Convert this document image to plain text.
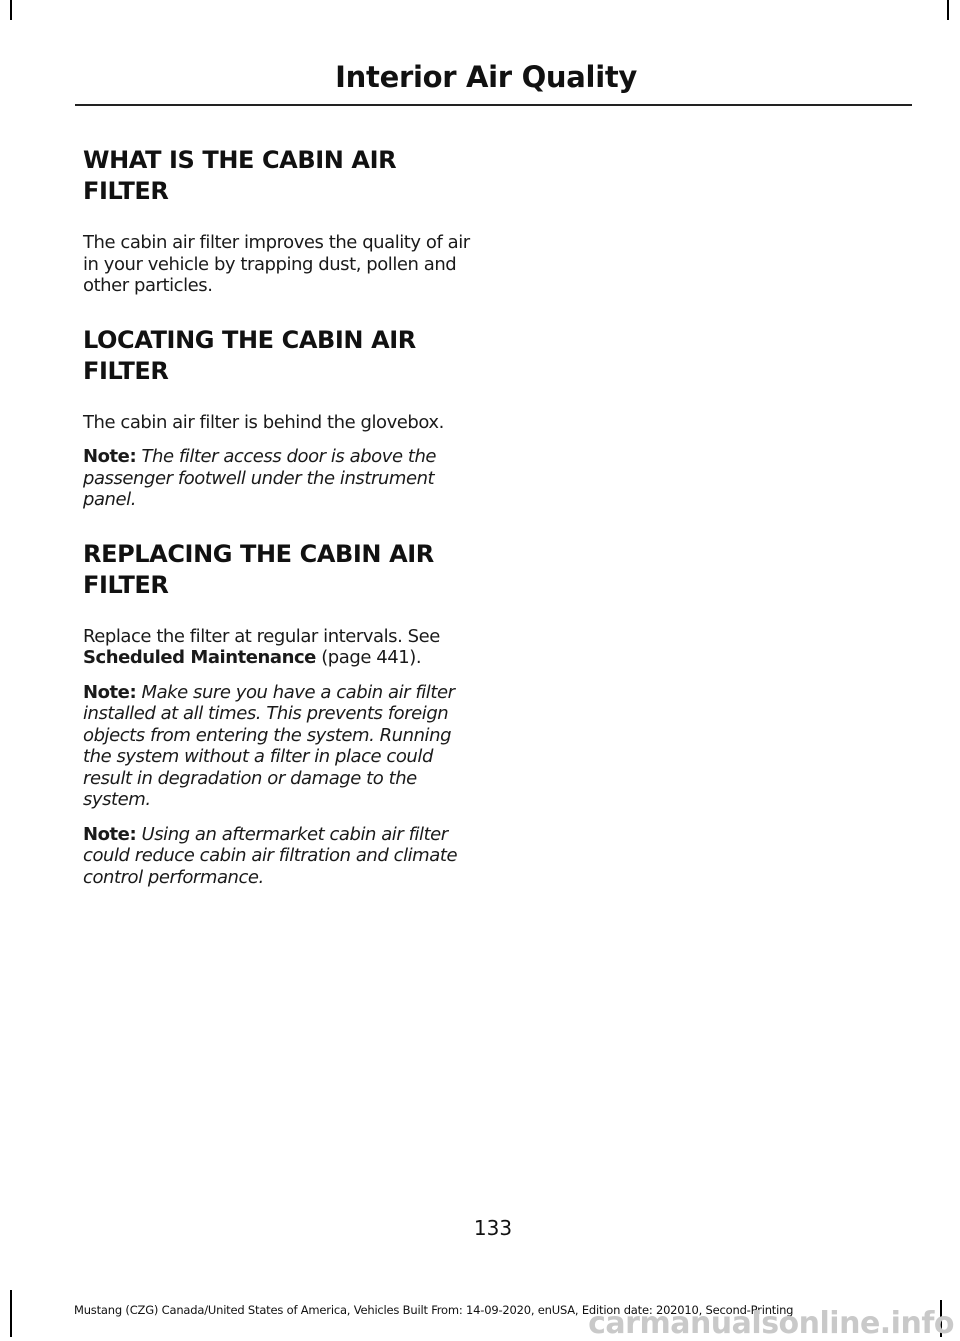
Interior Air Quality
WHAT IS THE CABIN AIR
FILTER

The cabin air filter improves the quality of air in your vehicle by trapping dust, pollen and other particles.

LOCATING THE CABIN AIR
FILTER

The cabin air filter is behind the glovebox.

Note: The filter access door is above the passenger footwell under the instrument panel.

REPLACING THE CABIN AIR
FILTER

Replace the filter at regular intervals. See Scheduled Maintenance (page 441).

Note: Make sure you have a cabin air filter installed at all times. This prevents foreign objects from entering the system. Running the system without a filter in place could result in degradation or damage to the system.

Note: Using an aftermarket cabin air filter could reduce cabin air filtration and climate control performance.

133
Mustang (CZG) Canada/United States of America, Vehicles Built From: 14-09-2020, enUSA, Edition date: 202010, Second-Printing
carmanualsonline.info
